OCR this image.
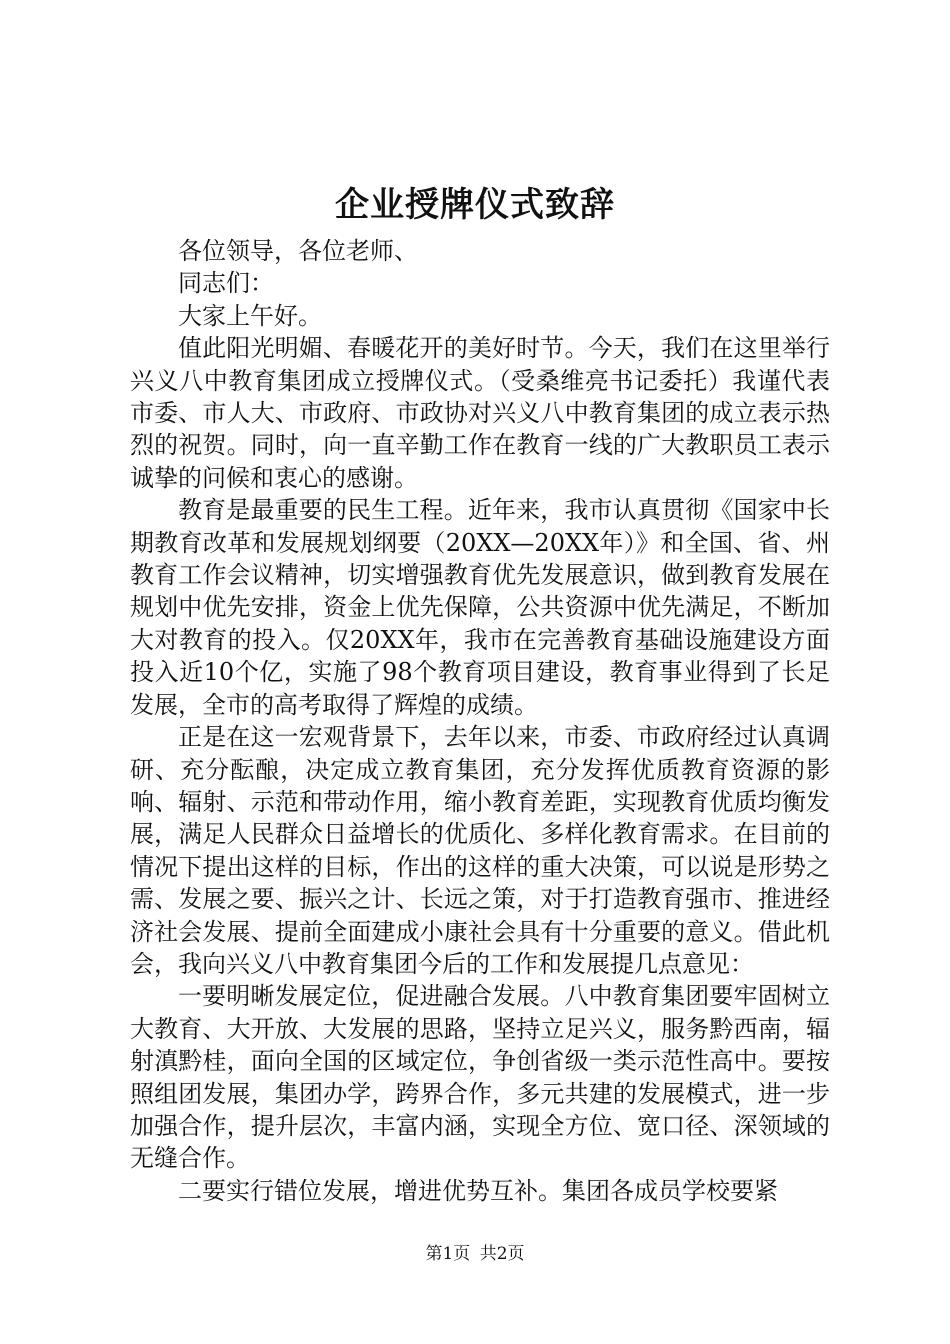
企业授牌仪式致辞

各位领导，各位老师、

同志们：

大家上午好。

值此阳光明媚、春暖花开的美好时节。今天，我们在这里举行兴义八中教育集团成立授牌仪式。（受桑维亮书记委托）我谨代表市委、市人大、市政府、市政协对兴义八中教育集团的成立表示热烈的祝贺。同时，向一直辛勤工作在教育一线的广大教职员工表示诚挚的问候和衷心的感谢。

教育是最重要的民生工程。近年来，我市认真贯彻《国家中长期教育改革和发展规划纲要（20XX—20XX年）》和全国、省、州教育工作会议精神，切实增强教育优先发展意识，做到教育发展在规划中优先安排，资金上优先保障，公共资源中优先满足，不断加大对教育的投入。仅20XX年，我市在完善教育基础设施建设方面投入近10个亿，实施了98个教育项目建设，教育事业得到了长足发展，全市的高考取得了辉煌的成绩。

正是在这一宏观背景下，去年以来，市委、市政府经过认真调研、充分酝酿，决定成立教育集团，充分发挥优质教育资源的影响、辐射、示范和带动作用，缩小教育差距，实现教育优质均衡发展，满足人民群众日益增长的优质化、多样化教育需求。在目前的情况下提出这样的目标，作出的这样的重大决策，可以说是形势之需、发展之要、振兴之计、长远之策，对于打造教育强市、推进经济社会发展、提前全面建成小康社会具有十分重要的意义。借此机会，我向兴义八中教育集团今后的工作和发展提几点意见：

一要明晰发展定位，促进融合发展。八中教育集团要牢固树立大教育、大开放、大发展的思路，坚持立足兴义，服务黔西南，辐射滇黔桂，面向全国的区域定位，争创省级一类示范性高中。要按照组团发展，集团办学，跨界合作，多元共建的发展模式，进一步加强合作，提升层次，丰富内涵，实现全方位、宽口径、深领域的无缝合作。

二要实行错位发展，增进优势互补。集团各成员学校要紧

第1页 共2页
